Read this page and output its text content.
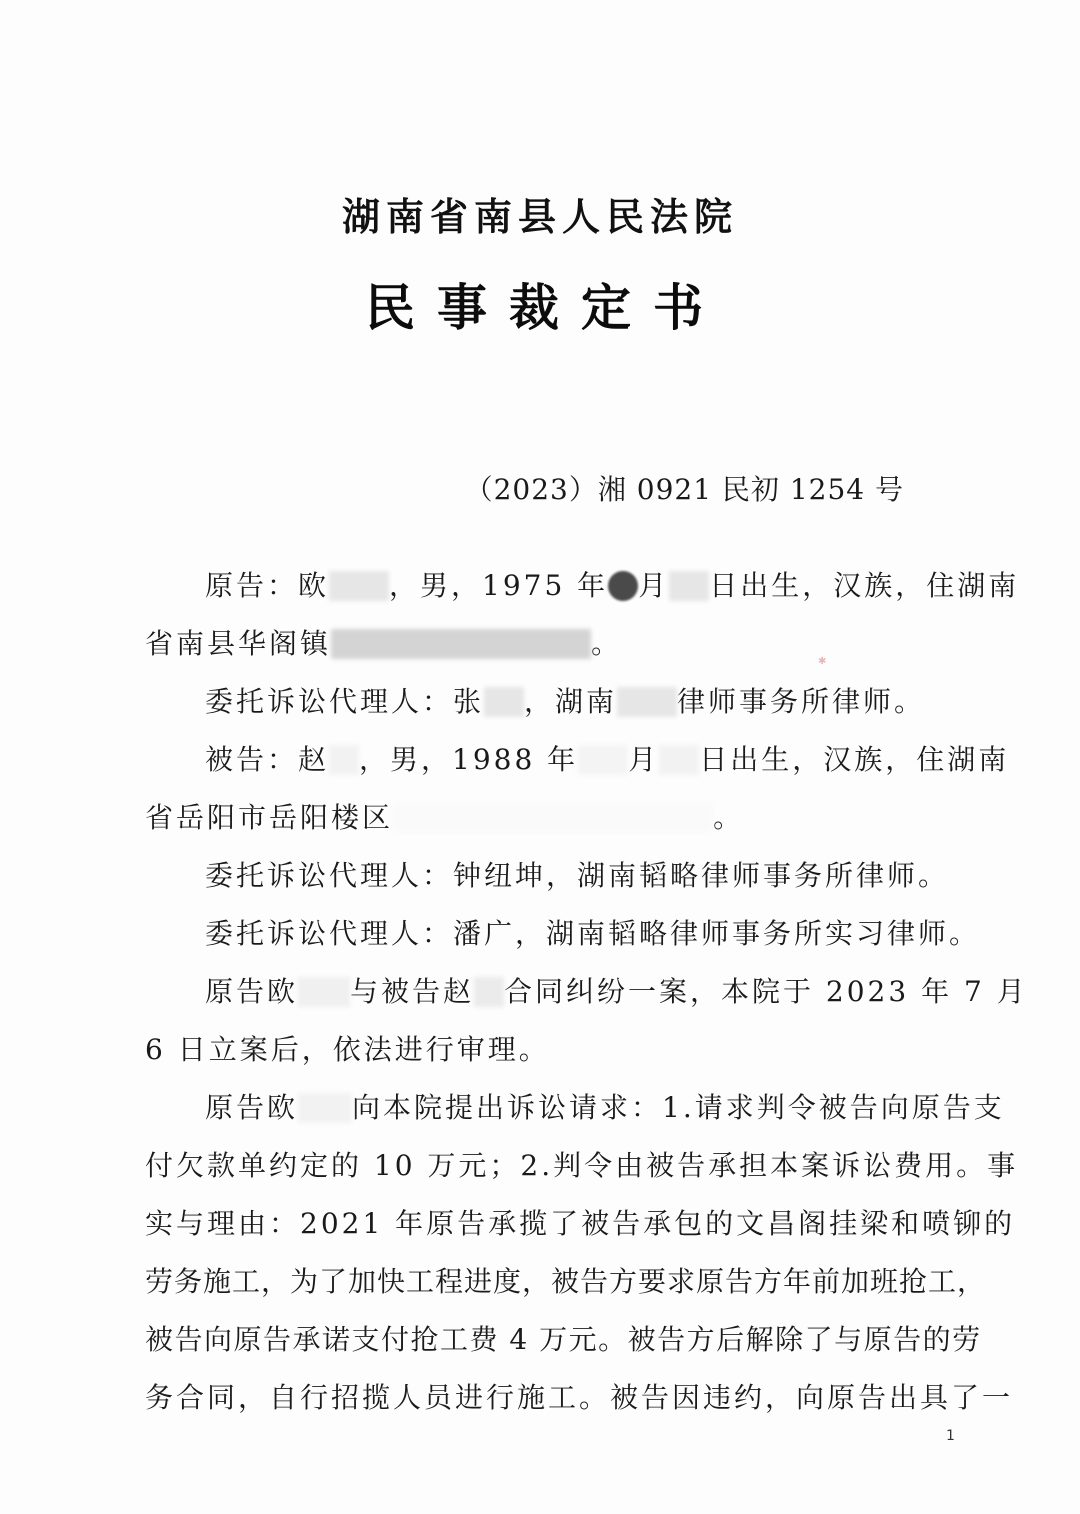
湖南省南县人民法院
民事裁定书
（2023）湘 0921 民初 1254 号
原告：欧 ，男，1975 年 月 日出生，汉族，住湖南
省南县华阁镇	。
委托诉讼代理人：张 ，湖南 律师事务所律师。
✱
被告：赵 ，男，1988 年 月 日出生，汉族，住湖南
省岳阳市岳阳楼区	。
委托诉讼代理人：钟纽坤，湖南韬略律师事务所律师。
委托诉讼代理人：潘广，湖南韬略律师事务所实习律师。
原告欧 与被告赵 合同纠纷一案，本院于 2023 年 7 月
6 日立案后，依法进行审理。
原告欧 向本院提出诉讼请求：1.请求判令被告向原告支
付欠款单约定的 10 万元；2.判令由被告承担本案诉讼费用。事
实与理由：2021 年原告承揽了被告承包的文昌阁挂梁和喷铆的
劳务施工，为了加快工程进度，被告方要求原告方年前加班抢工，
被告向原告承诺支付抢工费 4 万元。被告方后解除了与原告的劳
务合同，自行招揽人员进行施工。被告因违约，向原告出具了一
1
